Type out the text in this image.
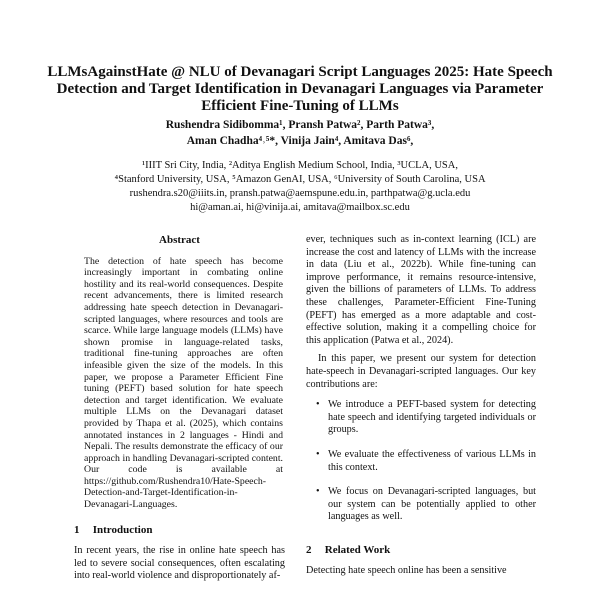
LLMsAgainstHate @ NLU of Devanagari Script Languages 2025: Hate Speech Detection and Target Identification in Devanagari Languages via Parameter Efficient Fine-Tuning of LLMs
Rushendra Sidibomma¹, Pransh Patwa², Parth Patwa³,
Aman Chadha⁴˒⁵*, Vinija Jain⁴, Amitava Das⁶,
¹IIIT Sri City, India, ²Aditya English Medium School, India, ³UCLA, USA,
⁴Stanford University, USA, ⁵Amazon GenAI, USA, ⁶University of South Carolina, USA
rushendra.s20@iiits.in, pransh.patwa@aemspune.edu.in, parthpatwa@g.ucla.edu
hi@aman.ai, hi@vinija.ai, amitava@mailbox.sc.edu
Abstract
The detection of hate speech has become increasingly important in combating online hostility and its real-world consequences. Despite recent advancements, there is limited research addressing hate speech detection in Devanagari-scripted languages, where resources and tools are scarce. While large language models (LLMs) have shown promise in language-related tasks, traditional fine-tuning approaches are often infeasible given the size of the models. In this paper, we propose a Parameter Efficient Fine tuning (PEFT) based solution for hate speech detection and target identification. We evaluate multiple LLMs on the Devanagari dataset provided by Thapa et al. (2025), which contains annotated instances in 2 languages - Hindi and Nepali. The results demonstrate the efficacy of our approach in handling Devanagari-scripted content. Our code is available at https://github.com/Rushendra10/Hate-Speech-Detection-and-Target-Identification-in-Devanagari-Languages.
1 Introduction

In recent years, the rise in online hate speech has led to severe social consequences, often escalating into real-world violence and disproportionately af-

ever, techniques such as in-context learning (ICL) are increase the cost and latency of LLMs with the increase in data (Liu et al., 2022b). While fine-tuning can improve performance, it remains resource-intensive, given the billions of parameters of LLMs. To address these challenges, Parameter-Efficient Fine-Tuning (PEFT) has emerged as a more adaptable and cost-effective solution, making it a compelling choice for this application (Patwa et al., 2024).

In this paper, we present our system for detection hate-speech in Devanagari-scripted languages. Our key contributions are:

• We introduce a PEFT-based system for detecting hate speech and identifying targeted individuals or groups.
• We evaluate the effectiveness of various LLMs in this context.
• We focus on Devanagari-scripted languages, but our system can be potentially applied to other languages as well.
2 Related Work

Detecting hate speech online has been a sensitive
